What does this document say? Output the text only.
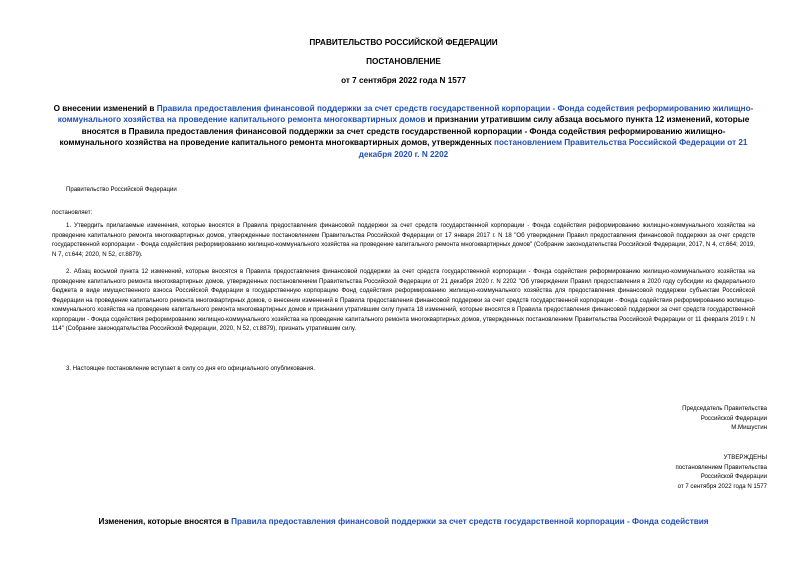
ПРАВИТЕЛЬСТВО РОССИЙСКОЙ ФЕДЕРАЦИИ
ПОСТАНОВЛЕНИЕ
от 7 сентября 2022 года N 1577
О внесении изменений в Правила предоставления финансовой поддержки за счет средств государственной корпорации - Фонда содействия реформированию жилищно-коммунального хозяйства на проведение капитального ремонта многоквартирных домов и признании утратившим силу абзаца восьмого пункта 12 изменений, которые вносятся в Правила предоставления финансовой поддержки за счет средств государственной корпорации - Фонда содействия реформированию жилищно-коммунального хозяйства на проведение капитального ремонта многоквартирных домов, утвержденных постановлением Правительства Российской Федерации от 21 декабря 2020 г. N 2202
Правительство Российской Федерации
постановляет:
1. Утвердить прилагаемые изменения, которые вносятся в Правила предоставления финансовой поддержки за счет средств государственной корпорации - Фонда содействия реформированию жилищно-коммунального хозяйства на проведение капитального ремонта многоквартирных домов, утвержденные постановлением Правительства Российской Федерации от 17 января 2017 г. N 18 "Об утверждении Правил предоставления финансовой поддержки за счет средств государственной корпорации - Фонда содействия реформированию жилищно-коммунального хозяйства на проведение капитального ремонта многоквартирных домов" (Собрание законодательства Российской Федерации, 2017, N 4, ст.664; 2019, N 7, ст.644; 2020, N 52, ст.8879).
2. Абзац восьмой пункта 12 изменений, которые вносятся в Правила предоставления финансовой поддержки за счет средств государственной корпорации - Фонда содействия реформированию жилищно-коммунального хозяйства на проведение капитального ремонта многоквартирных домов, утвержденных постановлением Правительства Российской Федерации от 21 декабря 2020 г. N 2202 "Об утверждении Правил предоставления в 2020 году субсидии из федерального бюджета в виде имущественного взноса Российской Федерации в государственную корпорацию Фонд содействия реформированию жилищно-коммунального хозяйства для предоставления финансовой поддержки субъектам Российской Федерации на проведение капитального ремонта многоквартирных домов, о внесении изменений в Правила предоставления финансовой поддержки за счет средств государственной корпорации - Фонда содействия реформированию жилищно-коммунального хозяйства на проведение капитального ремонта многоквартирных домов и признании утратившим силу пункта 18 изменений, которые вносятся в Правила предоставления финансовой поддержки за счет средств государственной корпорации - Фонда содействия реформированию жилищно-коммунального хозяйства на проведение капитального ремонта многоквартирных домов, утвержденных постановлением Правительства Российской Федерации от 11 февраля 2019 г. N 114" (Собрание законодательства Российской Федерации, 2020, N 52, ст.8879), признать утратившим силу.
3. Настоящее постановление вступает в силу со дня его официального опубликования.
Председатель Правительства
Российской Федерации
М.Мишустин
УТВЕРЖДЕНЫ
постановлением Правительства
Российской Федерации
от 7 сентября 2022 года N 1577
Изменения, которые вносятся в Правила предоставления финансовой поддержки за счет средств государственной корпорации - Фонда содействия
